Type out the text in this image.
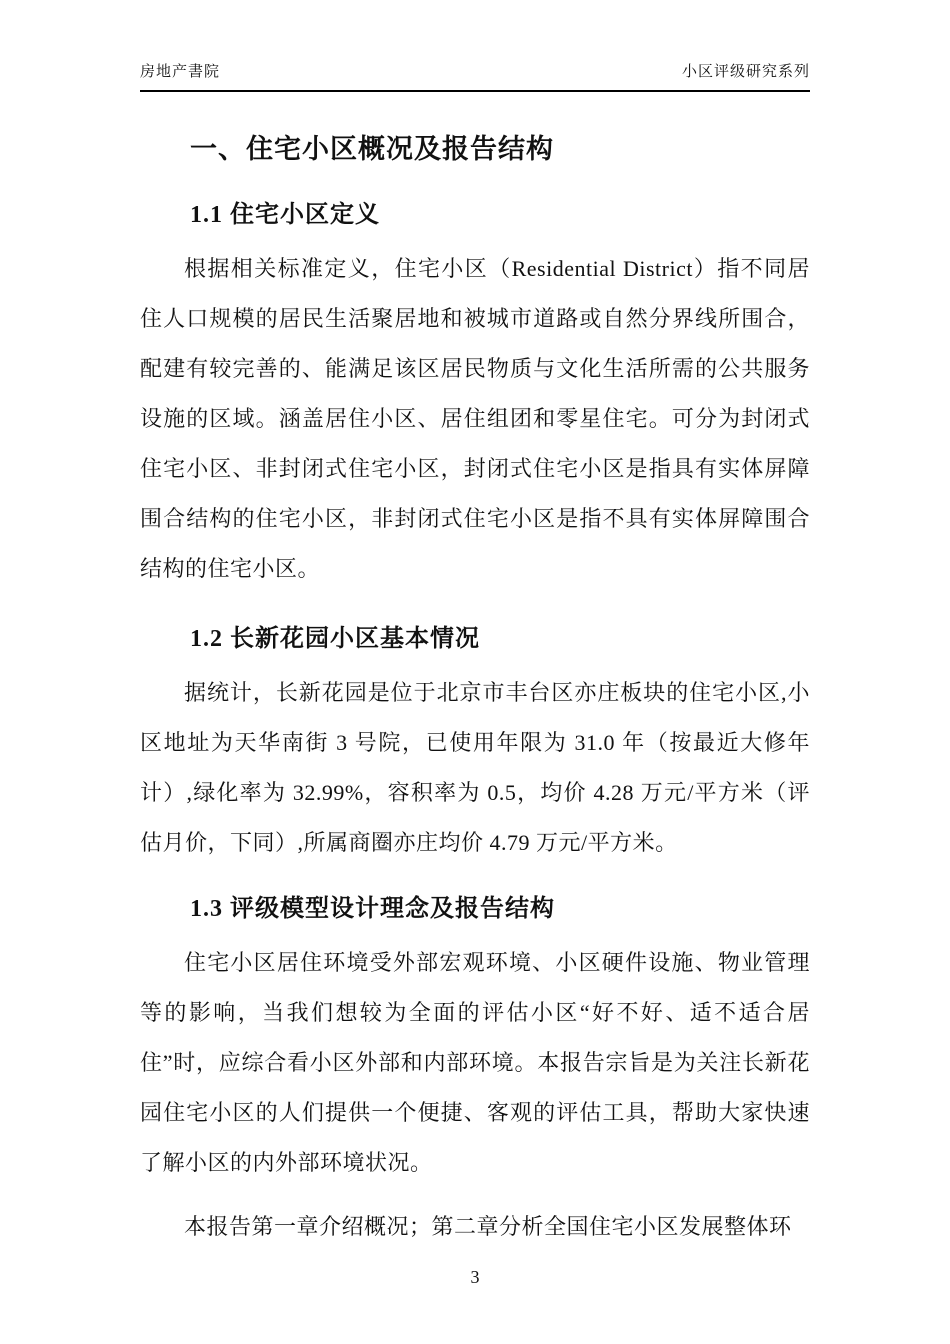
房地产書院	小区评级研究系列
一、住宅小区概况及报告结构
1.1 住宅小区定义

根据相关标准定义，住宅小区（Residential District）指不同居住人口规模的居民生活聚居地和被城市道路或自然分界线所围合，配建有较完善的、能满足该区居民物质与文化生活所需的公共服务设施的区域。涵盖居住小区、居住组团和零星住宅。可分为封闭式住宅小区、非封闭式住宅小区，封闭式住宅小区是指具有实体屏障围合结构的住宅小区，非封闭式住宅小区是指不具有实体屏障围合结构的住宅小区。

1.2 长新花园小区基本情况

据统计，长新花园是位于北京市丰台区亦庄板块的住宅小区,小区地址为天华南街 3 号院，已使用年限为 31.0 年（按最近大修年计）,绿化率为 32.99%，容积率为 0.5，均价 4.28 万元/平方米（评估月价，下同）,所属商圈亦庄均价 4.79 万元/平方米。

1.3 评级模型设计理念及报告结构

住宅小区居住环境受外部宏观环境、小区硬件设施、物业管理等的影响，当我们想较为全面的评估小区“好不好、适不适合居住”时，应综合看小区外部和内部环境。本报告宗旨是为关注长新花园住宅小区的人们提供一个便捷、客观的评估工具，帮助大家快速了解小区的内外部环境状况。

本报告第一章介绍概况；第二章分析全国住宅小区发展整体环

3
